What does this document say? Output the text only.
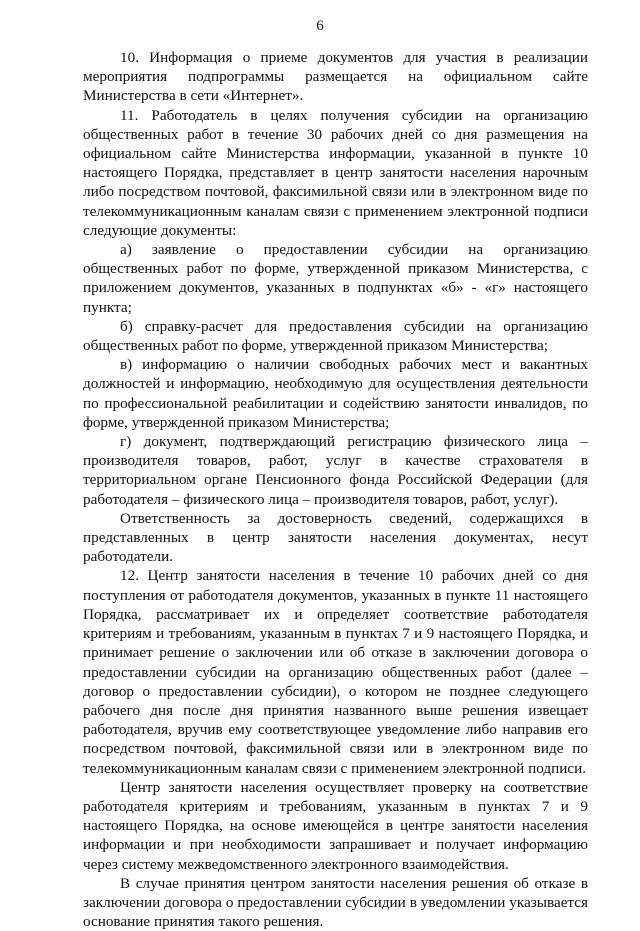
6

10. Информация о приеме документов для участия в реализации мероприятия подпрограммы размещается на официальном сайте Министерства в сети «Интернет».

11. Работодатель в целях получения субсидии на организацию общественных работ в течение 30 рабочих дней со дня размещения на официальном сайте Министерства информации, указанной в пункте 10 настоящего Порядка, представляет в центр занятости населения нарочным либо посредством почтовой, факсимильной связи или в электронном виде по телекоммуникационным каналам связи с применением электронной подписи следующие документы:

а) заявление о предоставлении субсидии на организацию общественных работ по форме, утвержденной приказом Министерства, с приложением документов, указанных в подпунктах «б» - «г» настоящего пункта;

б) справку-расчет для предоставления субсидии на организацию общественных работ по форме, утвержденной приказом Министерства;

в) информацию о наличии свободных рабочих мест и вакантных должностей и информацию, необходимую для осуществления деятельности по профессиональной реабилитации и содействию занятости инвалидов, по форме, утвержденной приказом Министерства;

г) документ, подтверждающий регистрацию физического лица – производителя товаров, работ, услуг в качестве страхователя в территориальном органе Пенсионного фонда Российской Федерации (для работодателя – физического лица – производителя товаров, работ, услуг).

Ответственность за достоверность сведений, содержащихся в представленных в центр занятости населения документах, несут работодатели.

12. Центр занятости населения в течение 10 рабочих дней со дня поступления от работодателя документов, указанных в пункте 11 настоящего Порядка, рассматривает их и определяет соответствие работодателя критериям и требованиям, указанным в пунктах 7 и 9 настоящего Порядка, и принимает решение о заключении или об отказе в заключении договора о предоставлении субсидии на организацию общественных работ (далее – договор о предоставлении субсидии), о котором не позднее следующего рабочего дня после дня принятия названного выше решения извещает работодателя, вручив ему соответствующее уведомление либо направив его посредством почтовой, факсимильной связи или в электронном виде по телекоммуникационным каналам связи с применением электронной подписи.

Центр занятости населения осуществляет проверку на соответствие работодателя критериям и требованиям, указанным в пунктах 7 и 9 настоящего Порядка, на основе имеющейся в центре занятости населения информации и при необходимости запрашивает и получает информацию через систему межведомственного электронного взаимодействия.

В случае принятия центром занятости населения решения об отказе в заключении договора о предоставлении субсидии в уведомлении указывается основание принятия такого решения.
